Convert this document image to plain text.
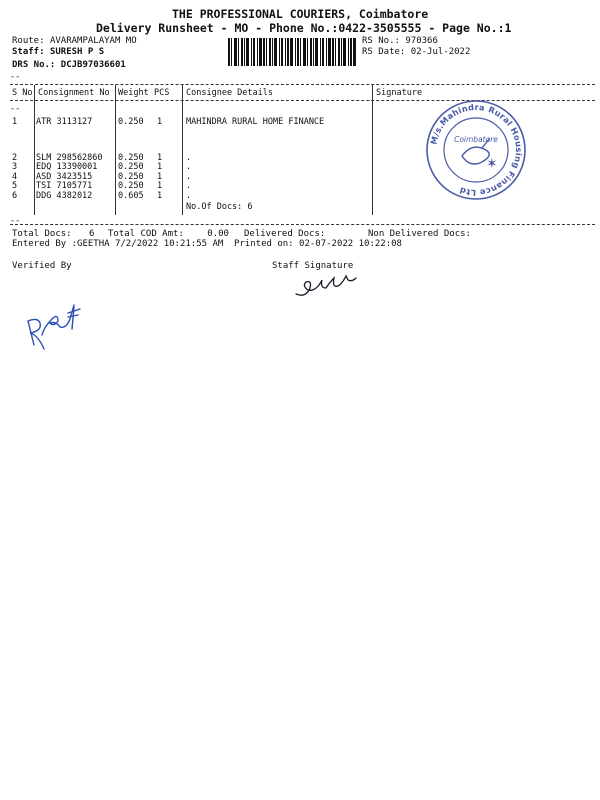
THE PROFESSIONAL COURIERS, Coimbatore
Delivery Runsheet - MO - Phone No.:0422-3505555 - Page No.:1
Route: AVARAMPALAYAM MO
Staff: SURESH P S
DRS No.: DCJB97036601
RS No.: 970366
RS Date: 02-Jul-2022
--
--
S No Consignment No Weight PCS Consignee Details	Signature
1 ATR 3113127	0.250 1	MAHINDRA RURAL HOME FINANCE
2 SLM 298562860 0.250 1	.
3 EDQ 13390001 0.250 1	.
4 ASD 3423515	0.250 1	.
5 TSI 7105771	0.250 1	.
6 DDG 4382012	0.605 1	.
No.Of Docs: 6
M/s.Mahindra Rural Housing Finance Ltd
Coimbatore
✶
--
Total Docs: 6 Total COD Amt:	0.00 Delivered Docs:	Non Delivered Docs:
Entered By :GEETHA 7/2/2022 10:21:55 AM Printed on: 02-07-2022 10:22:08
Verified By	Staff Signature
